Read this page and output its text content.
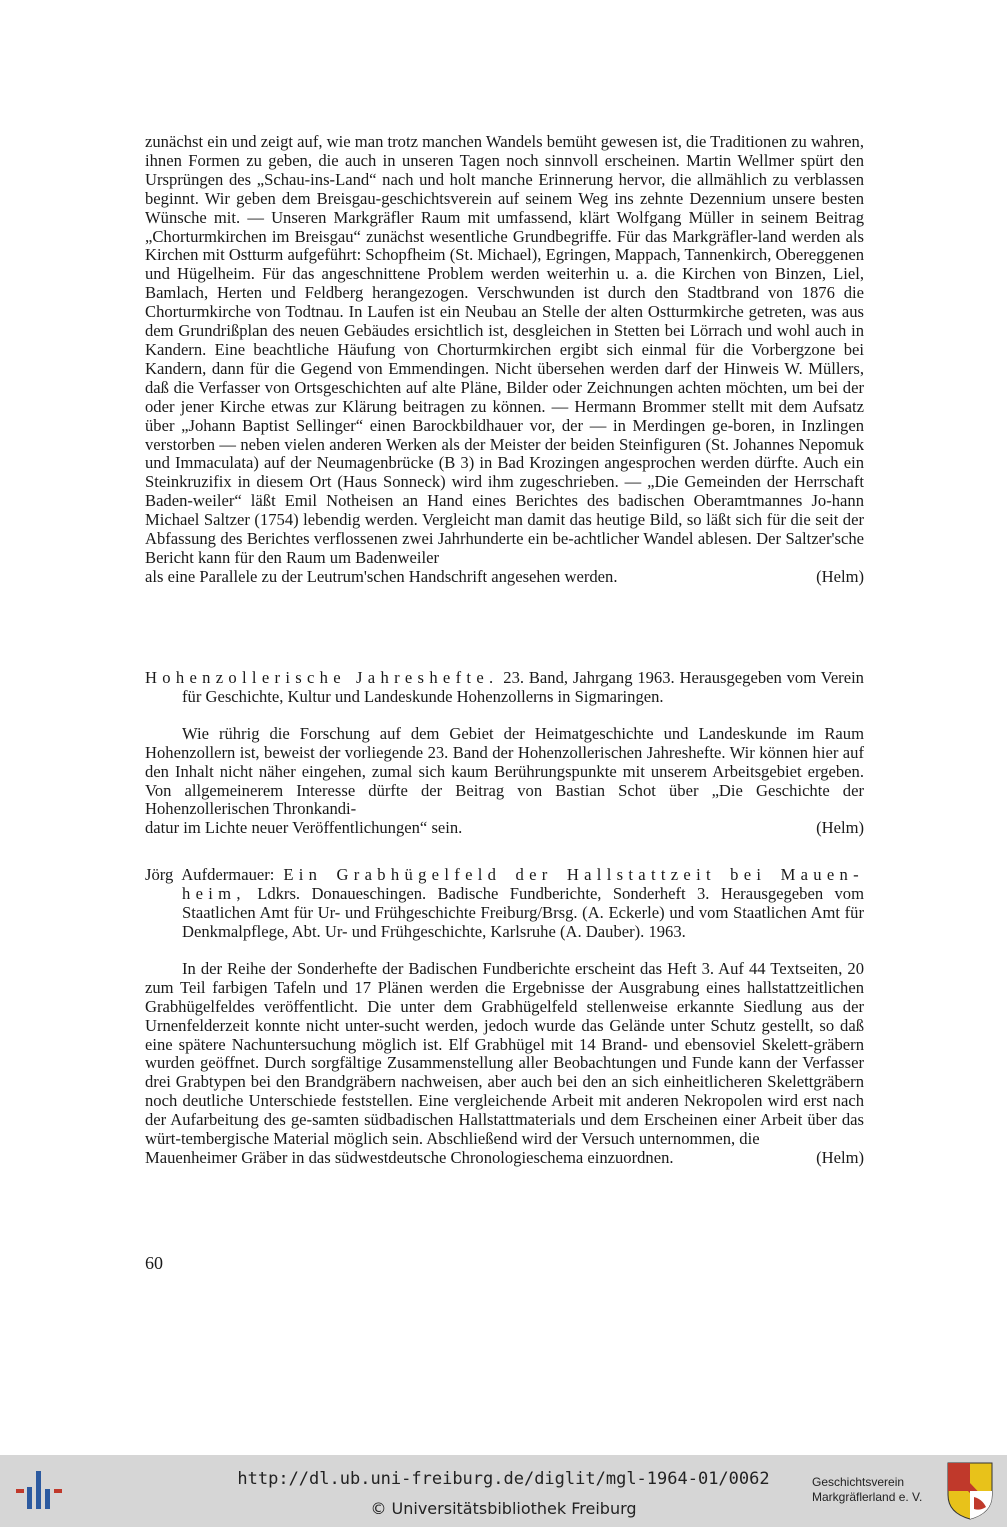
zunächst ein und zeigt auf, wie man trotz manchen Wandels bemüht gewesen ist, die Traditionen zu wahren, ihnen Formen zu geben, die auch in unseren Tagen noch sinnvoll erscheinen. Martin Wellmer spürt den Ursprüngen des „Schau-ins-Land“ nach und holt manche Erinnerung hervor, die allmählich zu verblassen beginnt. Wir geben dem Breisgau-geschichtsverein auf seinem Weg ins zehnte Dezennium unsere besten Wünsche mit. — Unseren Markgräfler Raum mit umfassend, klärt Wolfgang Müller in seinem Beitrag „Chorturmkirchen im Breisgau“ zunächst wesentliche Grundbegriffe. Für das Markgräfler-land werden als Kirchen mit Ostturm aufgeführt: Schopfheim (St. Michael), Egringen, Mappach, Tannenkirch, Obereggenen und Hügelheim. Für das angeschnittene Problem werden weiterhin u. a. die Kirchen von Binzen, Liel, Bamlach, Herten und Feldberg herangezogen. Verschwunden ist durch den Stadtbrand von 1876 die Chorturmkirche von Todtnau. In Laufen ist ein Neubau an Stelle der alten Ostturmkirche getreten, was aus dem Grundrißplan des neuen Gebäudes ersichtlich ist, desgleichen in Stetten bei Lörrach und wohl auch in Kandern. Eine beachtliche Häufung von Chorturmkirchen ergibt sich einmal für die Vorbergzone bei Kandern, dann für die Gegend von Emmendingen. Nicht übersehen werden darf der Hinweis W. Müllers, daß die Verfasser von Ortsgeschichten auf alte Pläne, Bilder oder Zeichnungen achten möchten, um bei der oder jener Kirche etwas zur Klärung beitragen zu können. — Hermann Brommer stellt mit dem Aufsatz über „Johann Baptist Sellinger“ einen Barockbildhauer vor, der — in Merdingen ge-boren, in Inzlingen verstorben — neben vielen anderen Werken als der Meister der beiden Steinfiguren (St. Johannes Nepomuk und Immaculata) auf der Neumagenbrücke (B 3) in Bad Krozingen angesprochen werden dürfte. Auch ein Steinkruzifix in diesem Ort (Haus Sonneck) wird ihm zugeschrieben. — „Die Gemeinden der Herrschaft Baden-weiler“ läßt Emil Notheisen an Hand eines Berichtes des badischen Oberamtmannes Jo-hann Michael Saltzer (1754) lebendig werden. Vergleicht man damit das heutige Bild, so läßt sich für die seit der Abfassung des Berichtes verflossenen zwei Jahrhunderte ein be-achtlicher Wandel ablesen. Der Saltzer'sche Bericht kann für den Raum um Badenweiler

als eine Parallele zu der Leutrum'schen Handschrift angesehen werden.	(Helm)

Hohenzollerische Jahreshefte. 23. Band, Jahrgang 1963. Herausgegeben vom Verein für Geschichte, Kultur und Landeskunde Hohenzollerns in Sigmaringen.

Wie rührig die Forschung auf dem Gebiet der Heimatgeschichte und Landeskunde im Raum Hohenzollern ist, beweist der vorliegende 23. Band der Hohenzollerischen Jahreshefte. Wir können hier auf den Inhalt nicht näher eingehen, zumal sich kaum Berührungspunkte mit unserem Arbeitsgebiet ergeben. Von allgemeinerem Interesse dürfte der Beitrag von Bastian Schot über „Die Geschichte der Hohenzollerischen Thronkandi-

datur im Lichte neuer Veröffentlichungen“ sein.	(Helm)

Jörg Aufdermauer: Ein Grabhügelfeld der Hallstattzeit bei Mauen-heim, Ldkrs. Donaueschingen. Badische Fundberichte, Sonderheft 3. Herausgegeben vom Staatlichen Amt für Ur- und Frühgeschichte Freiburg/Brsg. (A. Eckerle) und vom Staatlichen Amt für Denkmalpflege, Abt. Ur- und Frühgeschichte, Karlsruhe (A. Dauber). 1963.

In der Reihe der Sonderhefte der Badischen Fundberichte erscheint das Heft 3. Auf 44 Textseiten, 20 zum Teil farbigen Tafeln und 17 Plänen werden die Ergebnisse der Ausgrabung eines hallstattzeitlichen Grabhügelfeldes veröffentlicht. Die unter dem Grabhügelfeld stellenweise erkannte Siedlung aus der Urnenfelderzeit konnte nicht unter-sucht werden, jedoch wurde das Gelände unter Schutz gestellt, so daß eine spätere Nachuntersuchung möglich ist. Elf Grabhügel mit 14 Brand- und ebensoviel Skelett-gräbern wurden geöffnet. Durch sorgfältige Zusammenstellung aller Beobachtungen und Funde kann der Verfasser drei Grabtypen bei den Brandgräbern nachweisen, aber auch bei den an sich einheitlicheren Skelettgräbern noch deutliche Unterschiede feststellen. Eine vergleichende Arbeit mit anderen Nekropolen wird erst nach der Aufarbeitung des ge-samten südbadischen Hallstattmaterials und dem Erscheinen einer Arbeit über das würt-tembergische Material möglich sein. Abschließend wird der Versuch unternommen, die

Mauenheimer Gräber in das südwestdeutsche Chronologieschema einzuordnen.	(Helm)
60
http://dl.ub.uni-freiburg.de/diglit/mgl-1964-01/0062
© Universitätsbibliothek Freiburg
Geschichtsverein
Markgräflerland e. V.
